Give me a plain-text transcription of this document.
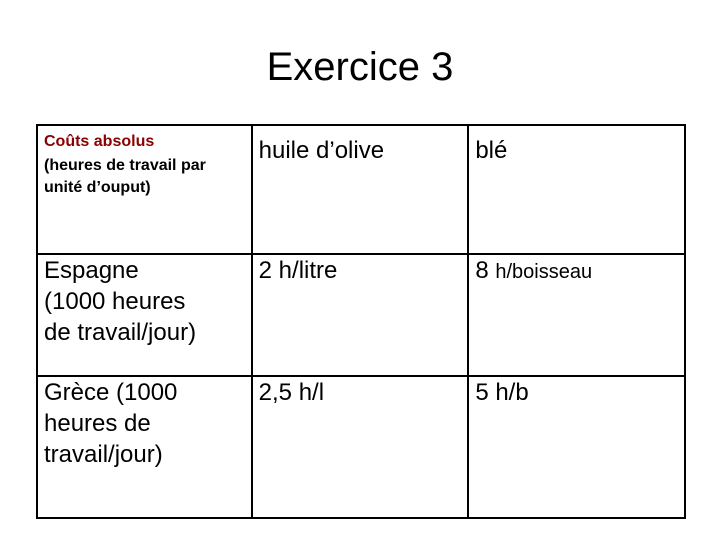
Exercice 3
Coûts absolus
(heures de travail par
unité d’ouput)	huile d’olive	blé
Espagne
(1000 heures
de travail/jour)	2 h/litre	8 h/boisseau
Grèce (1000
heures de
travail/jour)	2,5 h/l	5 h/b
